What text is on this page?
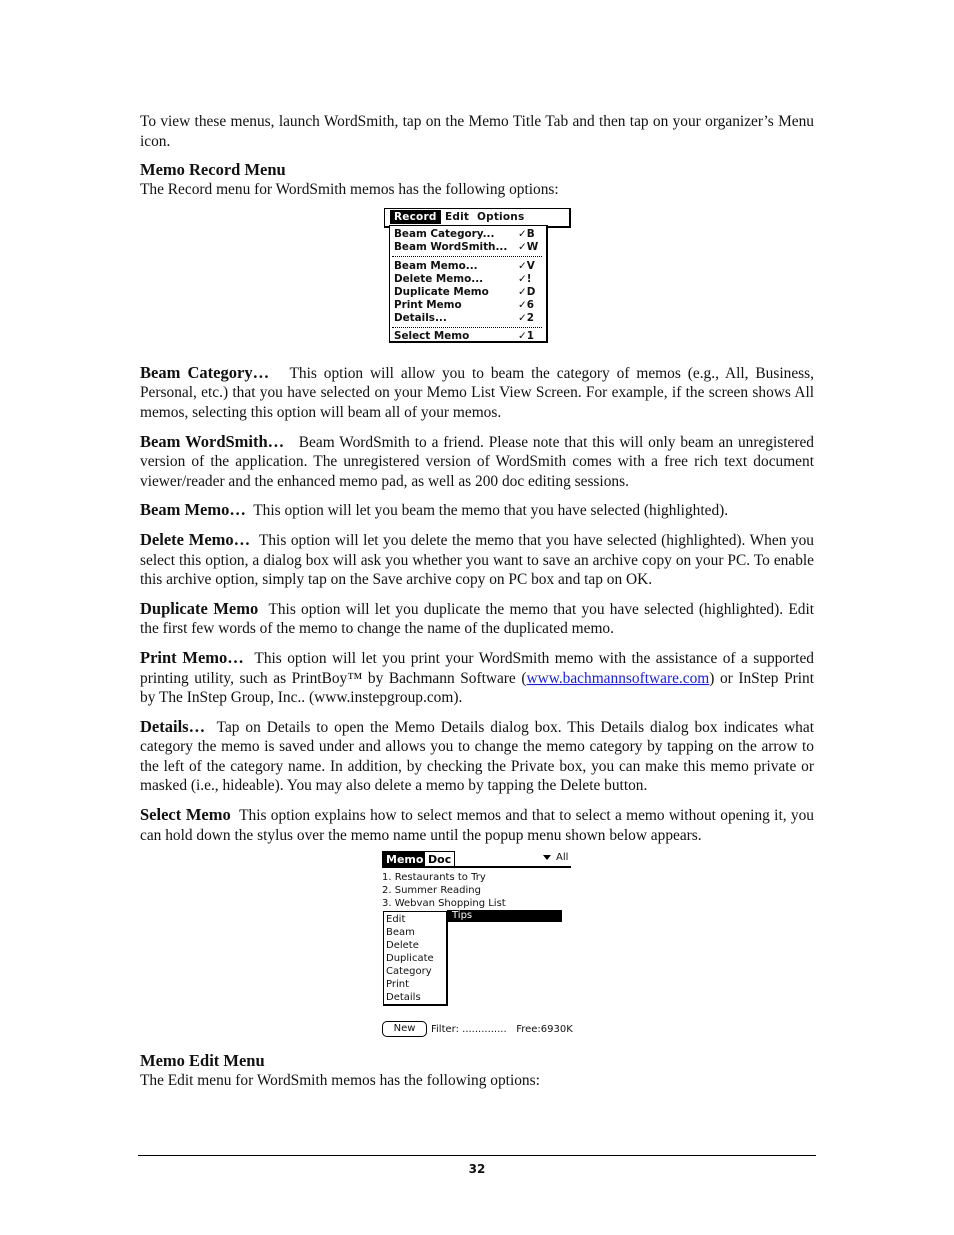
To view these menus, launch WordSmith, tap on the Memo Title Tab and then tap on your organizer’s Menu icon.

Memo Record Menu

The Record menu for WordSmith memos has the following options:

Beam Category… This option will allow you to beam the category of memos (e.g., All, Business, Personal, etc.) that you have selected on your Memo List View Screen. For example, if the screen shows All memos, selecting this option will beam all of your memos.

Beam WordSmith… Beam WordSmith to a friend. Please note that this will only beam an unregistered version of the application. The unregistered version of WordSmith comes with a free rich text document viewer/reader and the enhanced memo pad, as well as 200 doc editing sessions.

Beam Memo… This option will let you beam the memo that you have selected (highlighted).

Delete Memo… This option will let you delete the memo that you have selected (highlighted). When you select this option, a dialog box will ask you whether you want to save an archive copy on your PC. To enable this archive option, simply tap on the Save archive copy on PC box and tap on OK.

Duplicate Memo This option will let you duplicate the memo that you have selected (highlighted). Edit the first few words of the memo to change the name of the duplicated memo.

Print Memo… This option will let you print your WordSmith memo with the assistance of a supported printing utility, such as PrintBoy™ by Bachmann Software (www.bachmannsoftware.com) or InStep Print by The InStep Group, Inc.. (www.instepgroup.com).

Details… Tap on Details to open the Memo Details dialog box. This Details dialog box indicates what category the memo is saved under and allows you to change the memo category by tapping on the arrow to the left of the category name. In addition, by checking the Private box, you can make this memo private or masked (i.e., hideable). You may also delete a memo by tapping the Delete button.

Select Memo This option explains how to select memos and that to select a memo without opening it, you can hold down the stylus over the memo name until the popup menu shown below appears.

Memo Edit Menu

The Edit menu for WordSmith memos has the following options:

Record Edit Options
Beam Category... ✓B
Beam WordSmith... ✓W
Beam Memo...	✓V
Delete Memo...	✓!
Duplicate Memo	✓D
Print Memo	✓6
Details...	✓2
Select Memo	✓1
Memo Doc	All
1. Restaurants to Try
2. Summer Reading
3. Webvan Shopping List
Tips
Edit
Beam
Delete
Duplicate
Category
Print
Details
New	Filter: .............. Free:6930K
32
